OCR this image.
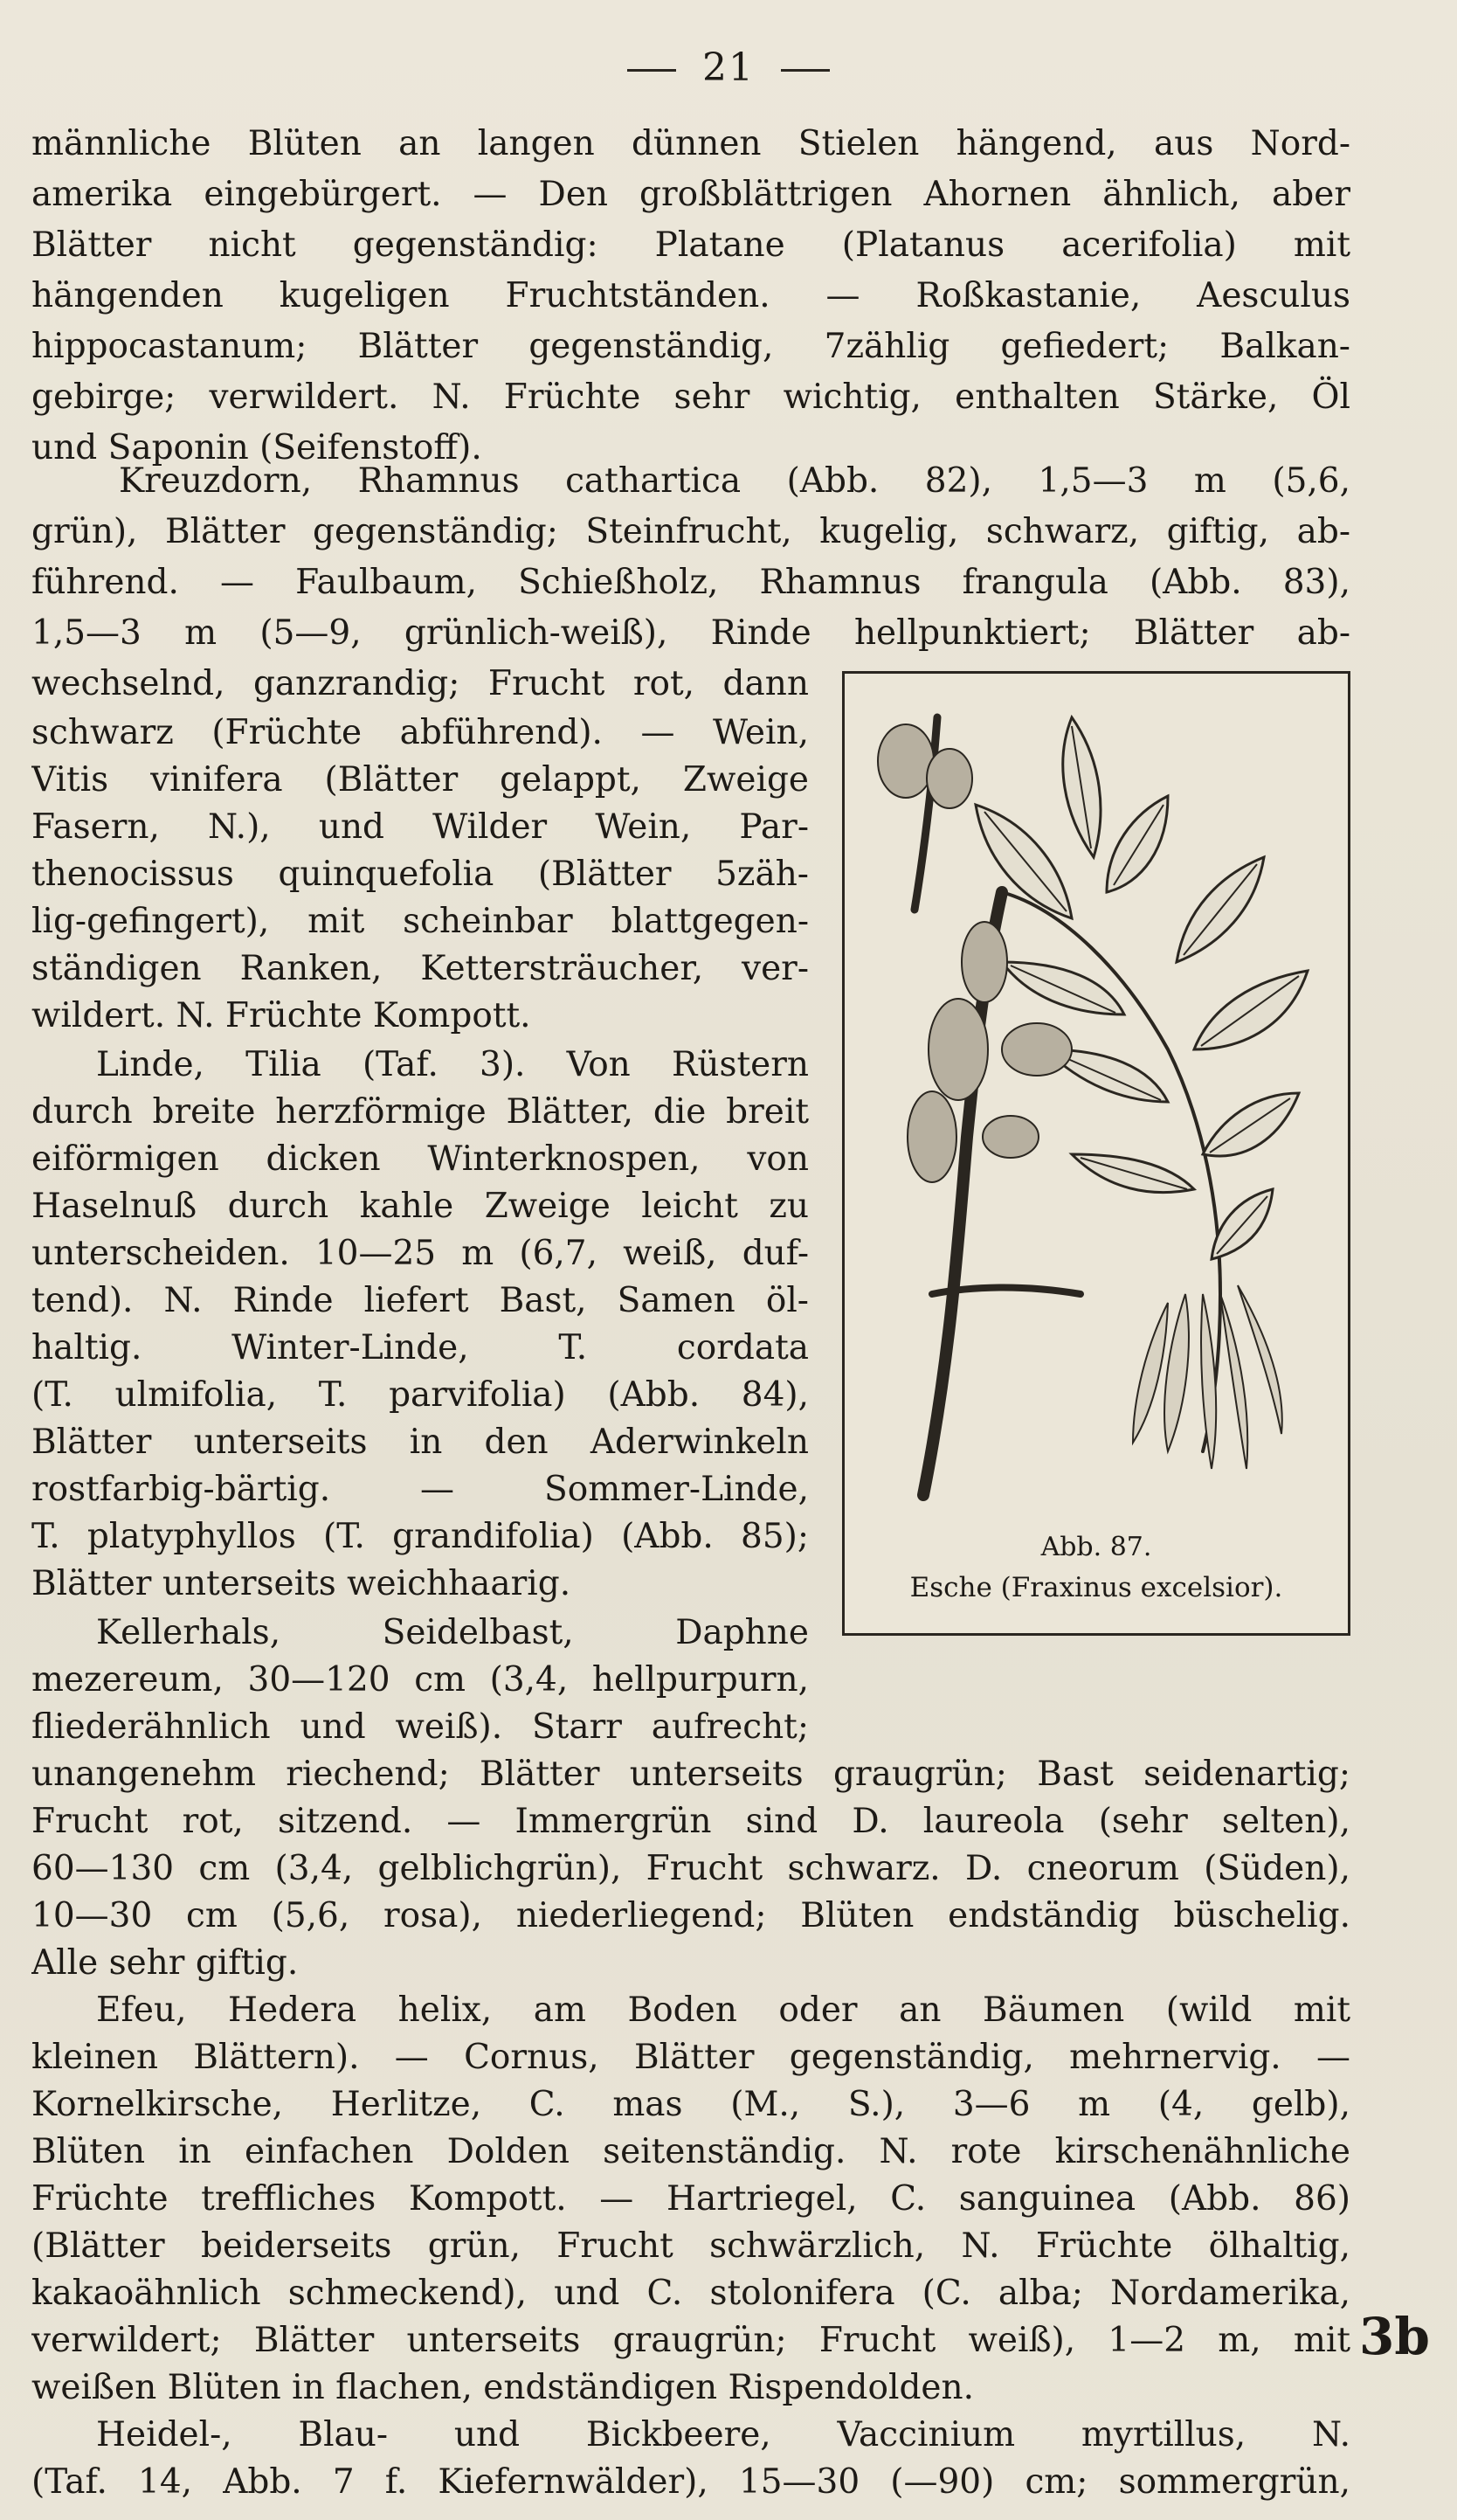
21
männliche Blüten an langen dünnen Stielen hängend, aus Nord-
amerika eingebürgert. — Den großblättrigen Ahornen ähnlich, aber
Blätter nicht gegenständig: Platane (Platanus acerifolia) mit
hängenden kugeligen Fruchtständen. — Roßkastanie, Aesculus
hippocastanum; Blätter gegenständig, 7zählig gefiedert; Balkan-
gebirge; verwildert. N. Früchte sehr wichtig, enthalten Stärke, Öl
und Saponin (Seifenstoff).
Kreuzdorn, Rhamnus cathartica (Abb. 82), 1,5—3 m (5,6,
grün), Blätter gegenständig; Steinfrucht, kugelig, schwarz, giftig, ab-
führend. — Faulbaum, Schießholz, Rhamnus frangula (Abb. 83),
1,5—3 m (5—9, grünlich-weiß), Rinde hellpunktiert; Blätter ab-
wechselnd, ganzrandig; Frucht rot, dann
schwarz (Früchte abführend). — Wein,
Vitis vinifera (Blätter gelappt, Zweige
Fasern, N.), und Wilder Wein, Par-
thenocissus quinquefolia (Blätter 5zäh-
lig-gefingert), mit scheinbar blattgegen-
ständigen Ranken, Kettersträucher, ver-
wildert. N. Früchte Kompott.
Linde, Tilia (Taf. 3). Von Rüstern
durch breite herzförmige Blätter, die breit
eiförmigen dicken Winterknospen, von
Haselnuß durch kahle Zweige leicht zu
unterscheiden. 10—25 m (6,7, weiß, duf-
tend). N. Rinde liefert Bast, Samen öl-
haltig. Winter-Linde, T. cordata
(T. ulmifolia, T. parvifolia) (Abb. 84),
Blätter unterseits in den Aderwinkeln
rostfarbig-bärtig. — Sommer-Linde,
T. platyphyllos (T. grandifolia) (Abb. 85);
Blätter unterseits weichhaarig.
Kellerhals, Seidelbast, Daphne
mezereum, 30—120 cm (3,4, hellpurpurn,
fliederähnlich und weiß). Starr aufrecht;
unangenehm riechend; Blätter unterseits graugrün; Bast seidenartig;
Frucht rot, sitzend. — Immergrün sind D. laureola (sehr selten),
60—130 cm (3,4, gelblichgrün), Frucht schwarz. D. cneorum (Süden),
10—30 cm (5,6, rosa), niederliegend; Blüten endständig büschelig.
Alle sehr giftig.
Efeu, Hedera helix, am Boden oder an Bäumen (wild mit
kleinen Blättern). — Cornus, Blätter gegenständig, mehrnervig. —
Kornelkirsche, Herlitze, C. mas (M., S.), 3—6 m (4, gelb),
Blüten in einfachen Dolden seitenständig. N. rote kirschenähnliche
Früchte treffliches Kompott. — Hartriegel, C. sanguinea (Abb. 86)
(Blätter beiderseits grün, Frucht schwärzlich, N. Früchte ölhaltig,
kakaoähnlich schmeckend), und C. stolonifera (C. alba; Nordamerika,
verwildert; Blätter unterseits graugrün; Frucht weiß), 1—2 m, mit
weißen Blüten in flachen, endständigen Rispendolden.
Heidel-, Blau- und Bickbeere, Vaccinium myrtillus, N.
(Taf. 14, Abb. 7 f. Kiefernwälder), 15—30 (—90) cm; sommergrün,
3b
Abb. 87.
Esche (Fraxinus excelsior).
